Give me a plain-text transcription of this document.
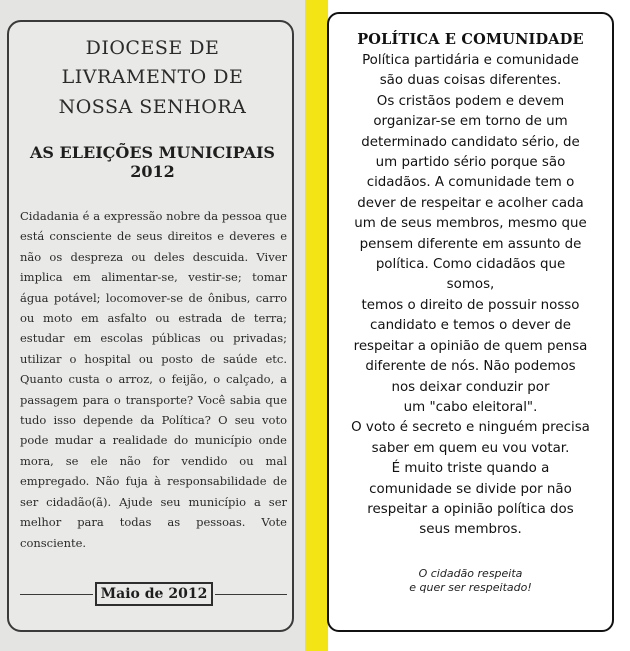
DIOCESE DE
LIVRAMENTO DE
NOSSA SENHORA
AS ELEIÇÕES MUNICIPAIS 2012

Cidadania é a expressão nobre da pessoa que está consciente de seus direitos e deveres e não os despreza ou deles descuida. Viver implica em alimentar-se, vestir-se; tomar água potável; locomover-se de ônibus, carro ou moto em asfalto ou estrada de terra; estudar em escolas públicas ou privadas; utilizar o hospital ou posto de saúde etc. Quanto custa o arroz, o feijão, o calçado, a passagem para o transporte? Você sabia que tudo isso depende da Política? O seu voto pode mudar a realidade do município onde mora, se ele não for vendido ou mal empregado. Não fuja à responsabilidade de ser cidadão(ã). Ajude seu município a ser melhor para todas as pessoas. Vote consciente.

Maio de 2012
POLÍTICA E COMUNIDADE
Política partidária e comunidade
são duas coisas diferentes.
Os cristãos podem e devem
organizar-se em torno de um
determinado candidato sério, de
um partido sério porque são
cidadãos. A comunidade tem o
dever de respeitar e acolher cada
um de seus membros, mesmo que
pensem diferente em assunto de
política. Como cidadãos que
somos,
temos o direito de possuir nosso
candidato e temos o dever de
respeitar a opinião de quem pensa
diferente de nós. Não podemos
nos deixar conduzir por
um "cabo eleitoral".
O voto é secreto e ninguém precisa
saber em quem eu vou votar.
É muito triste quando a
comunidade se divide por não
respeitar a opinião política dos
seus membros.
O cidadão respeita
e quer ser respeitado!
